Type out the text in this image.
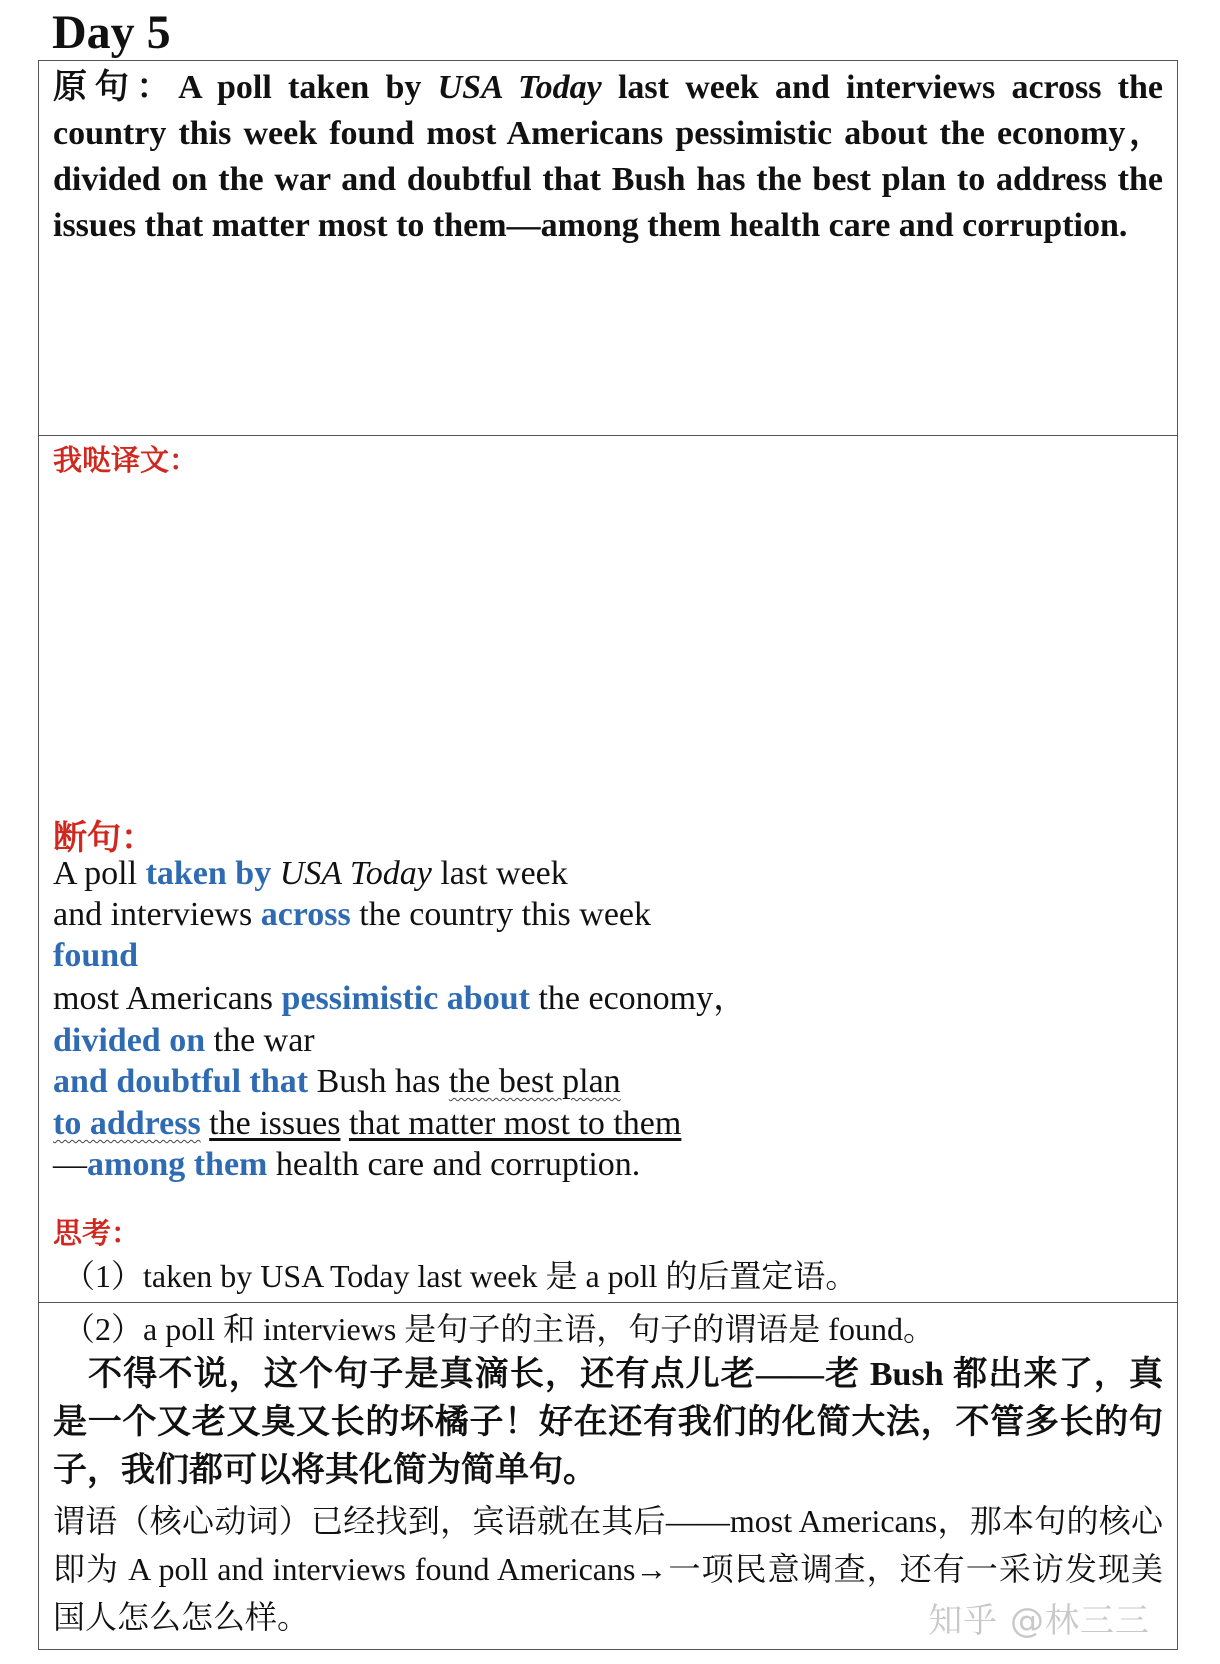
Day 5
原句：A poll taken by USA Today last week and interviews across the country this week found most Americans pessimistic about the economy，divided on the war and doubtful that Bush has the best plan to address the issues that matter most to them—among them health care and corruption.
我哒译文：
断句：
A poll taken by USA Today last week
and interviews across the country this week
found
most Americans pessimistic about the economy，
divided on the war
and doubtful that Bush has the best plan
to address the issues that matter most to them
—among them health care and corruption.
思考：
（1）taken by USA Today last week 是 a poll 的后置定语。
（2）a poll 和 interviews 是句子的主语，句子的谓语是 found。
　不得不说，这个句子是真滴长，还有点儿老——老 Bush 都出来了，真是一个又老又臭又长的坏橘子！好在还有我们的化简大法，不管多长的句子，我们都可以将其化简为简单句。
谓语（核心动词）已经找到，宾语就在其后——most Americans，那本句的核心即为 A poll and interviews found Americans→一项民意调查，还有一采访发现美国人怎么怎么样。	知乎 @林三三
